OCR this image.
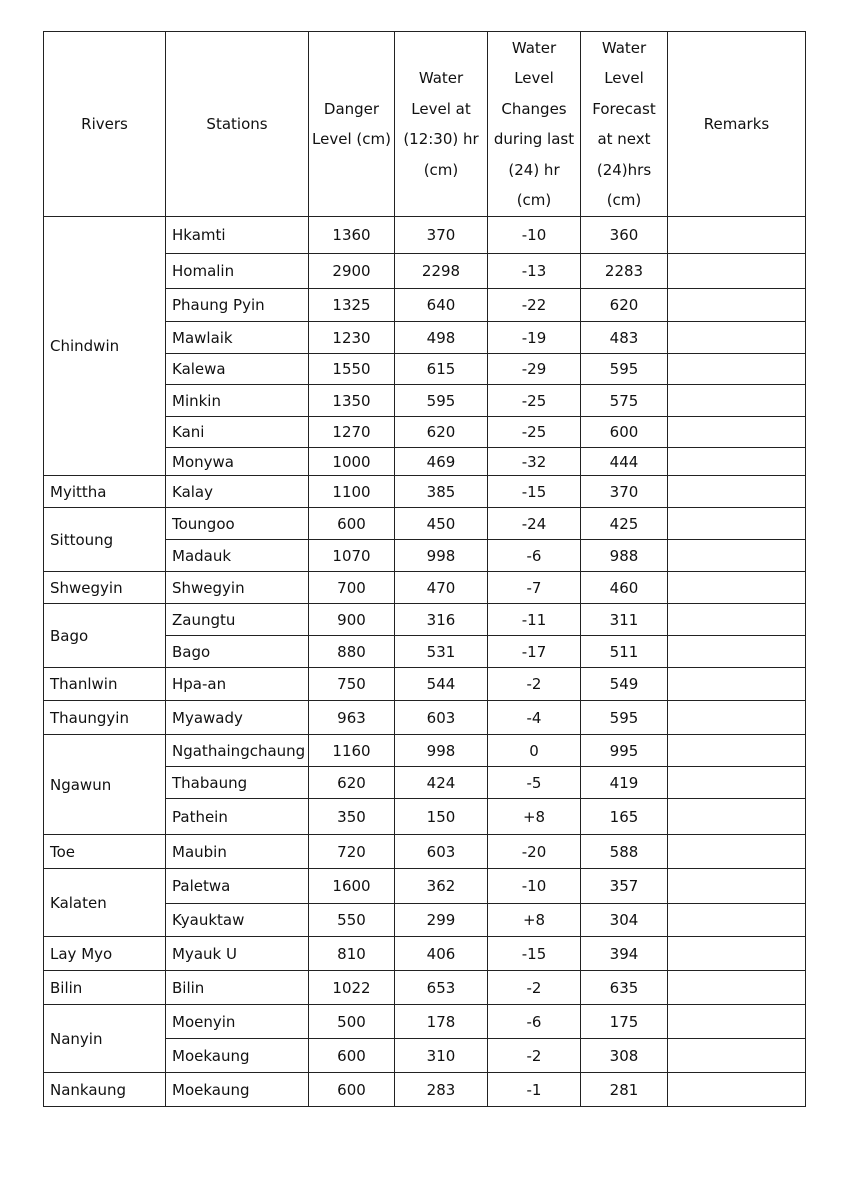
Rivers	Stations	Danger Level (cm)	Water Level at (12:30) hr (cm)	Water Level Changes during last (24) hr (cm)	Water Level Forecast at next (24)hrs (cm)	Remarks
Chindwin	Hkamti	1360	370	-10	360	
	Homalin	2900	2298	-13	2283	
	Phaung Pyin	1325	640	-22	620	
	Mawlaik	1230	498	-19	483	
	Kalewa	1550	615	-29	595	
	Minkin	1350	595	-25	575	
	Kani	1270	620	-25	600	
	Monywa	1000	469	-32	444	
Myittha	Kalay	1100	385	-15	370	
Sittoung	Toungoo	600	450	-24	425	
	Madauk	1070	998	-6	988	
Shwegyin	Shwegyin	700	470	-7	460	
Bago	Zaungtu	900	316	-11	311	
	Bago	880	531	-17	511	
Thanlwin	Hpa-an	750	544	-2	549	
Thaungyin	Myawady	963	603	-4	595	
Ngawun	Ngathaingchaung	1160	998	0	995	
	Thabaung	620	424	-5	419	
	Pathein	350	150	+8	165	
Toe	Maubin	720	603	-20	588	
Kalaten	Paletwa	1600	362	-10	357	
	Kyauktaw	550	299	+8	304	
Lay Myo	Myauk U	810	406	-15	394	
Bilin	Bilin	1022	653	-2	635	
Nanyin	Moenyin	500	178	-6	175	
	Moekaung	600	310	-2	308	
Nankaung	Moekaung	600	283	-1	281	
